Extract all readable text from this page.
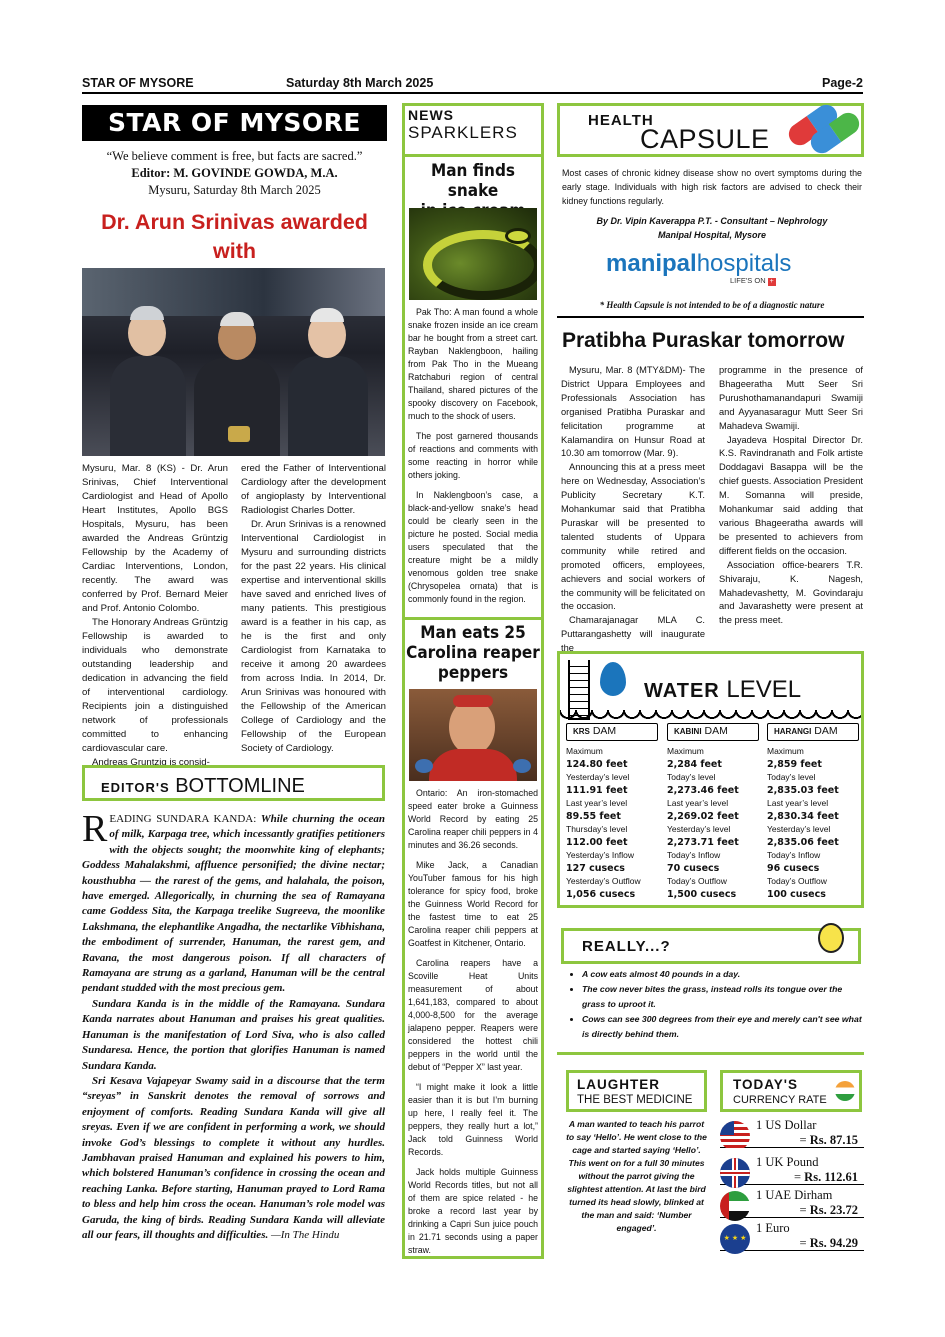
STAR OF MYSORE	Saturday 8th March 2025	Page-2
STAR OF MYSORE
“We believe comment is free, but facts are sacred.”
Editor: M. GOVINDE GOWDA, M.A.
Mysuru, Saturday 8th March 2025
Dr. Arun Srinivas awarded with

Mysuru, Mar. 8 (KS) - Dr. Arun Srinivas, Chief Interventional Cardiologist and Head of Apollo Heart Institutes, Apollo BGS Hospitals, Mysuru, has been awarded the Andreas Grüntzig Fellowship by the Academy of Cardiac Interventions, London, recently. The award was conferred by Prof. Bernard Meier and Prof. Antonio Colombo.

The Honorary Andreas Grüntzig Fellowship is awarded to individuals who demonstrate outstanding leadership and dedication in advancing the field of interventional cardiology. Recipients join a distinguished network of professionals committed to enhancing cardiovascular care.

Andreas Gruntzig is consid-

ered the Father of Interventional Cardiology after the development of angioplasty by Interventional Radiologist Charles Dotter.

Dr. Arun Srinivas is a renowned Interventional Cardiologist in Mysuru and surrounding districts for the past 22 years. His clinical expertise and interventional skills have saved and enriched lives of many patients. This prestigious award is a feather in his cap, as he is the first and only Cardiologist from Karnataka to receive it among 20 awardees from across India. In 2014, Dr. Arun Srinivas was honoured with the Fellowship of the American College of Cardiology and the Fellowship of the European Society of Cardiology.

EDITOR'S BOTTOMLINE

READING SUNDARA KANDA: While churning the ocean of milk, Karpaga tree, which incessantly gratifies petitioners with the objects sought; the moonwhite king of elephants; Goddess Mahalakshmi, affluence personified; the divine nectar; kousthubha — the rarest of the gems, and halahala, the poison, have emerged. Allegorically, in churning the sea of Ramayana came Goddess Sita, the Karpaga treelike Sugreeva, the moonlike Lakshmana, the elephantlike Angadha, the nectarlike Vibhishana, the embodiment of surrender, Hanuman, the rarest gem, and Ravana, the most dangerous poison. If all characters of Ramayana are strung as a garland, Hanuman will be the central pendant studded with the most precious gem.

Sundara Kanda is in the middle of the Ramayana. Sundara Kanda narrates about Hanuman and praises his great qualities. Hanuman is the manifestation of Lord Siva, who is also called Sundaresa. Hence, the portion that glorifies Hanuman is named Sundara Kanda.

Sri Kesava Vajapeyar Swamy said in a discourse that the term “sreyas” in Sanskrit denotes the removal of sorrows and enjoyment of comforts. Reading Sundara Kanda will give all sreyas. Even if we are confident in performing a work, we should invoke God’s blessings to complete it without any hurdles. Jambhavan praised Hanuman and explained his powers to him, which bolstered Hanuman’s confidence in crossing the ocean and reaching Lanka. Before starting, Hanuman prayed to Lord Rama to bless and help him cross the ocean. Hanuman’s role model was Garuda, the king of birds. Reading Sundara Kanda will alleviate all our fears, ill thoughts and difficulties. —In The Hindu

NEWS
SPARKLERS
Man finds snake

Pak Tho: A man found a whole snake frozen inside an ice cream bar he bought from a street cart. Rayban Naklengboon, hailing from Pak Tho in the Mueang Ratchaburi region of central Thailand, shared pictures of the spooky discovery on Facebook, much to the shock of users.

The post garnered thousands of reactions and comments with some reacting in horror while others joking.

In Naklengboon’s case, a black-and-yellow snake’s head could be clearly seen in the picture he posted. Social media users speculated that the creature might be a mildly venomous golden tree snake (Chrysopelea ornata) that is commonly found in the region.

Man eats 25
Carolina reaper
peppers

Ontario: An iron-stomached speed eater broke a Guinness World Record by eating 25 Carolina reaper chili peppers in 4 minutes and 36.26 seconds.

Mike Jack, a Canadian YouTuber famous for his high tolerance for spicy food, broke the Guinness World Record for the fastest time to eat 25 Carolina reaper chili peppers at Goatfest in Kitchener, Ontario.

Carolina reapers have a Scoville Heat Units measurement of about 1,641,183, compared to about 4,000-8,500 for the average jalapeno pepper. Reapers were considered the hottest chili peppers in the world until the debut of “Pepper X” last year.

“I might make it look a little easier than it is but I’m burning up here, I really feel it. The peppers, they really hurt a lot,” Jack told Guinness World Records.

Jack holds multiple Guinness World Records titles, but not all of them are spice related - he broke a record last year by drinking a Capri Sun juice pouch in 21.71 seconds using a paper straw.

HEALTH
CAPSULE
Most cases of chronic kidney disease show no overt symptoms during the early stage. Individuals with high risk factors are advised to check their kidney functions regularly.
By Dr. Vipin Kaverappa P.T. - Consultant – Nephrology
Manipal Hospital, Mysore
manipalhospitals
LIFE'S ON +
* Health Capsule is not intended to be of a diagnostic nature
Pratibha Puraskar tomorrow

Mysuru, Mar. 8 (MTY&DM)- The District Uppara Employees and Professionals Association has organised Pratibha Puraskar and felicitation programme at Kalamandira on Hunsur Road at 10.30 am tomorrow (Mar. 9).

Announcing this at a press meet here on Wednesday, Association’s Publicity Secretary K.T. Mohankumar said that Pratibha Puraskar will be presented to talented students of Uppara community while retired and promoted officers, employees, achievers and social workers of the community will be felicitated on the occasion.

Chamarajanagar MLA C. Puttarangashetty will inaugurate the

programme in the presence of Bhageeratha Mutt Seer Sri Purushothamanandapuri Swamiji and Ayyanasaragur Mutt Seer Sri Mahadeva Swamiji.

Jayadeva Hospital Director Dr. K.S. Ravindranath and Folk artiste Doddagavi Basappa will be the chief guests. Association President M. Somanna will preside, Mohankumar said adding that various Bhageeratha awards will be presented to achievers from different fields on the occasion.

Association office-bearers T.R. Shivaraju, K. Nagesh, Mahadevashetty, M. Govindaraju and Javarashetty were present at the press meet.

WATER LEVEL
KRS DAM
Maximum
124.80 feet
Yesterday’s level
111.91 feet
Last year’s level
89.55 feet
Thursday’s level
112.00 feet
Yesterday’s Inflow
127 cusecs
Yesterday’s Outflow
1,056 cusecs
KABINI DAM
Maximum
2,284 feet
Today’s level
2,273.46 feet
Last year’s level
2,269.02 feet
Yesterday’s level
2,273.71 feet
Today’s Inflow
70 cusecs
Today’s Outflow
1,500 cusecs
HARANGI DAM
Maximum
2,859 feet
Today’s level
2,835.03 feet
Last year’s level
2,830.34 feet
Yesterday’s level
2,835.06 feet
Today’s Inflow
96 cusecs
Today’s Outflow
100 cusecs
REALLY...?
• A cow eats almost 40 pounds in a day.
• The cow never bites the grass, instead rolls its tongue over the grass to uproot it.
• Cows can see 300 degrees from their eye and merely can't see what is directly behind them.
LAUGHTER
THE BEST MEDICINE
A man wanted to teach his parrot to say ‘Hello’. He went close to the cage and started saying ‘Hello’. This went on for a full 30 minutes without the parrot giving the slightest attention. At last the bird turned its head slowly, blinked at the man and said: ‘Number engaged’.
TODAY'S
CURRENCY RATE
1 US Dollar
= Rs. 87.15
1 UK Pound
= Rs. 112.61
1 UAE Dirham
= Rs. 23.72
★ ★ ★
1 Euro
= Rs. 94.29
